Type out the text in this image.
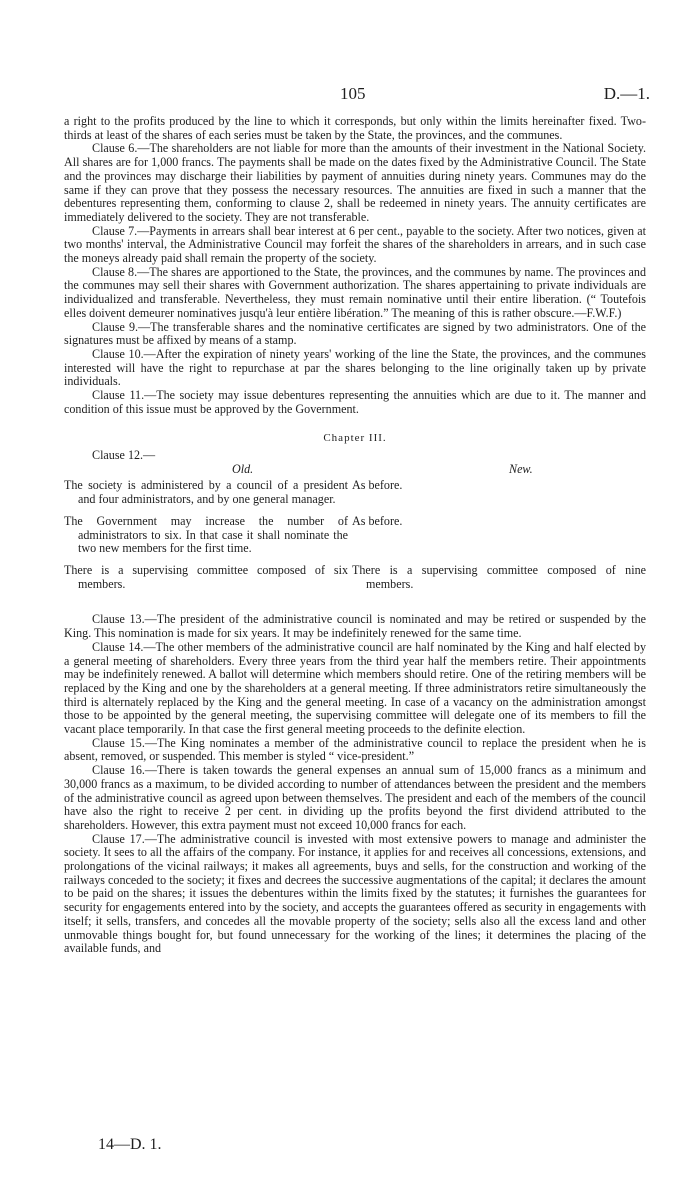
105	D.—1.

a right to the profits produced by the line to which it corresponds, but only within the limits hereinafter fixed. Two-thirds at least of the shares of each series must be taken by the State, the provinces, and the communes.

Clause 6.—The shareholders are not liable for more than the amounts of their investment in the National Society. All shares are for 1,000 francs. The payments shall be made on the dates fixed by the Administrative Council. The State and the provinces may discharge their liabilities by payment of annuities during ninety years. Communes may do the same if they can prove that they possess the necessary resources. The annuities are fixed in such a manner that the debentures representing them, conforming to clause 2, shall be redeemed in ninety years. The annuity certificates are immediately delivered to the society. They are not transferable.

Clause 7.—Payments in arrears shall bear interest at 6 per cent., payable to the society. After two notices, given at two months' interval, the Administrative Council may forfeit the shares of the shareholders in arrears, and in such case the moneys already paid shall remain the property of the society.

Clause 8.—The shares are apportioned to the State, the provinces, and the communes by name. The provinces and the communes may sell their shares with Government authorization. The shares appertaining to private individuals are individualized and transferable. Nevertheless, they must remain nominative until their entire liberation. (“ Toutefois elles doivent demeurer nominatives jusqu'à leur entière libération.” The meaning of this is rather obscure.—F.W.F.)

Clause 9.—The transferable shares and the nominative certificates are signed by two administrators. One of the signatures must be affixed by means of a stamp.

Clause 10.—After the expiration of ninety years' working of the line the State, the provinces, and the communes interested will have the right to repurchase at par the shares belonging to the line originally taken up by private individuals.

Clause 11.—The society may issue debentures representing the annuities which are due to it. The manner and condition of this issue must be approved by the Government.

Chapter III.
Clause 12.—
Old.	New.
The society is administered by a council of a president and four administrators, and by one general manager.
As before.
The Government may increase the number of administrators to six. In that case it shall nominate the two new members for the first time.
As before.
There is a supervising committee composed of six members.
There is a supervising committee composed of nine members.

Clause 13.—The president of the administrative council is nominated and may be retired or suspended by the King. This nomination is made for six years. It may be indefinitely renewed for the same time.

Clause 14.—The other members of the administrative council are half nominated by the King and half elected by a general meeting of shareholders. Every three years from the third year half the members retire. Their appointments may be indefinitely renewed. A ballot will determine which members should retire. One of the retiring members will be replaced by the King and one by the shareholders at a general meeting. If three administrators retire simultaneously the third is alternately replaced by the King and the general meeting. In case of a vacancy on the administration amongst those to be appointed by the general meeting, the supervising committee will delegate one of its members to fill the vacant place temporarily. In that case the first general meeting proceeds to the definite election.

Clause 15.—The King nominates a member of the administrative council to replace the president when he is absent, removed, or suspended. This member is styled “ vice-president.”

Clause 16.—There is taken towards the general expenses an annual sum of 15,000 francs as a minimum and 30,000 francs as a maximum, to be divided according to number of attendances between the president and the members of the administrative council as agreed upon between themselves. The president and each of the members of the council have also the right to receive 2 per cent. in dividing up the profits beyond the first dividend attributed to the shareholders. However, this extra payment must not exceed 10,000 francs for each.

Clause 17.—The administrative council is invested with most extensive powers to manage and administer the society. It sees to all the affairs of the company. For instance, it applies for and receives all concessions, extensions, and prolongations of the vicinal railways; it makes all agreements, buys and sells, for the construction and working of the railways conceded to the society; it fixes and decrees the successive augmentations of the capital; it declares the amount to be paid on the shares; it issues the debentures within the limits fixed by the statutes; it furnishes the guarantees for security for engagements entered into by the society, and accepts the guarantees offered as security in engagements with itself; it sells, transfers, and concedes all the movable property of the society; sells also all the excess land and other unmovable things bought for, but found unnecessary for the working of the lines; it determines the placing of the available funds, and

14—D. 1.
